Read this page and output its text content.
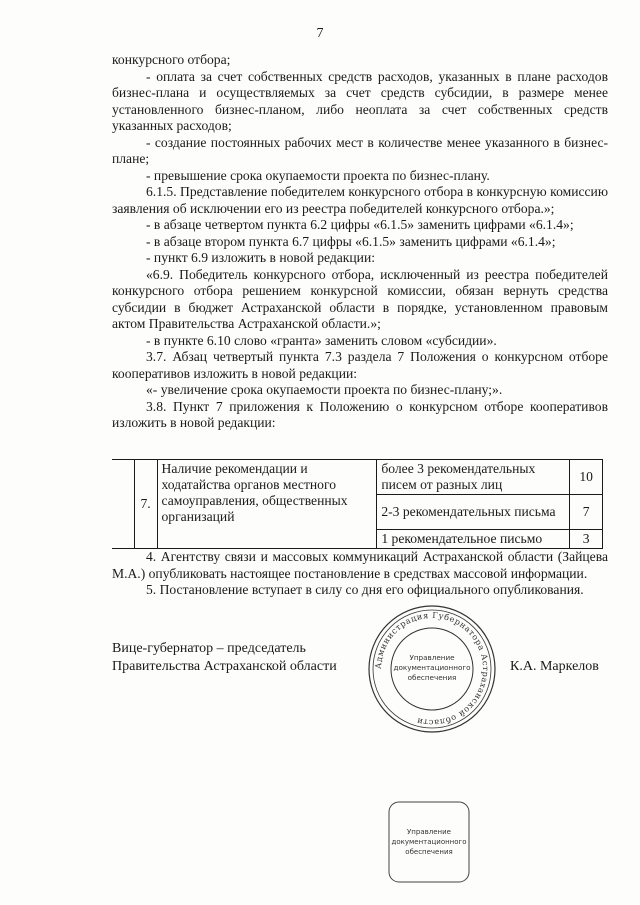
7

конкурсного отбора;

- оплата за счет собственных средств расходов, указанных в плане расходов бизнес-плана и осуществляемых за счет средств субсидии, в размере менее установленного бизнес-планом, либо неоплата за счет собственных средств указанных расходов;

- создание постоянных рабочих мест в количестве менее указанного в бизнес-плане;

- превышение срока окупаемости проекта по бизнес-плану.

6.1.5. Представление победителем конкурсного отбора в конкурсную комиссию заявления об исключении его из реестра победителей конкурсного отбора.»;

- в абзаце четвертом пункта 6.2 цифры «6.1.5» заменить цифрами «6.1.4»;

- в абзаце втором пункта 6.7 цифры «6.1.5» заменить цифрами «6.1.4»;

- пункт 6.9 изложить в новой редакции:

«6.9. Победитель конкурсного отбора, исключенный из реестра победителей конкурсного отбора решением конкурсной комиссии, обязан вернуть средства субсидии в бюджет Астраханской области в порядке, установленном правовым актом Правительства Астраханской области.»;

- в пункте 6.10 слово «гранта» заменить словом «субсидии».

3.7. Абзац четвертый пункта 7.3 раздела 7 Положения о конкурсном отборе кооперативов изложить в новой редакции:

«- увеличение срока окупаемости проекта по бизнес-плану;».

3.8. Пункт 7 приложения к Положению о конкурсном отборе кооперативов изложить в новой редакции:

	7.	Наличие рекомендации и ходатайства органов местного самоуправления, общественных организаций	более 3 рекомендательных писем от разных лиц	10
			2-3 рекомендательных письма	7
			1 рекомендательное письмо	3

4. Агентству связи и массовых коммуникаций Астраханской области (Зайцева М.А.) опубликовать настоящее постановление в средствах массовой информации.

5. Постановление вступает в силу со дня его официального опубликования.

Вице-губернатор – председатель
Правительства Астраханской области	К.А. Маркелов
Администрация Губернатора Астраханской области
Управление
документационного
обеспечения
Управление
документационного
обеспечения
